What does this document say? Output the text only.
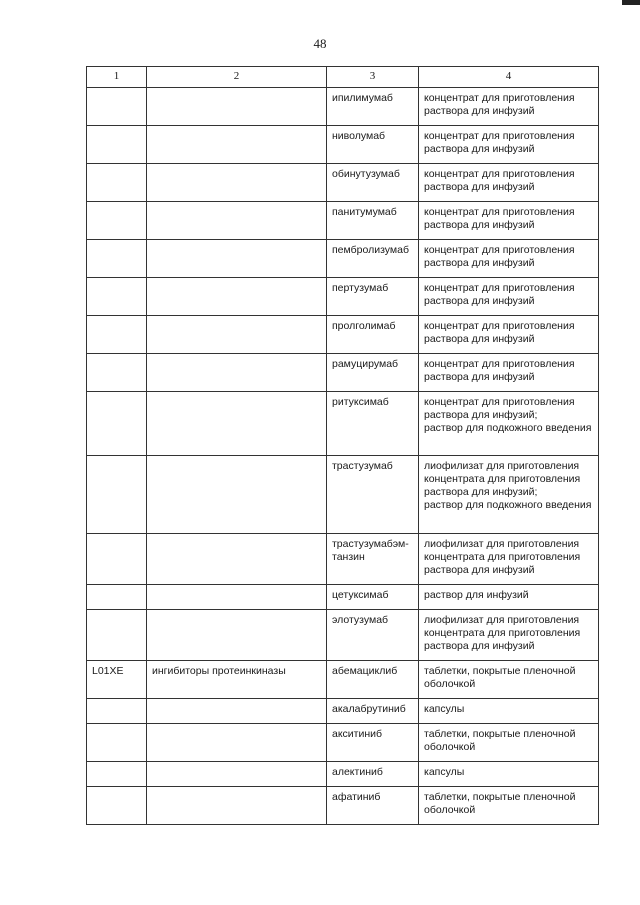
48
1	2	3	4
		ипилимумаб	концентрат для приготовления раствора для инфузий
		ниволумаб	концентрат для приготовления раствора для инфузий
		обинутузумаб	концентрат для приготовления раствора для инфузий
		панитумумаб	концентрат для приготовления раствора для инфузий
		пембролизумаб	концентрат для приготовления раствора для инфузий
		пертузумаб	концентрат для приготовления раствора для инфузий
		пролголимаб	концентрат для приготовления раствора для инфузий
		рамуцирумаб	концентрат для приготовления раствора для инфузий
		ритуксимаб	концентрат для приготовления раствора для инфузий;
раствор для подкожного введения
		трастузумаб	лиофилизат для приготовления концентрата для приготовления раствора для инфузий;
раствор для подкожного введения
		трастузумабэм-танзин	лиофилизат для приготовления концентрата для приготовления раствора для инфузий
		цетуксимаб	раствор для инфузий
		элотузумаб	лиофилизат для приготовления концентрата для приготовления раствора для инфузий
L01XE	ингибиторы протеинкиназы	абемациклиб	таблетки, покрытые пленочной оболочкой
		акалабрутиниб	капсулы
		акситиниб	таблетки, покрытые пленочной оболочкой
		алектиниб	капсулы
		афатиниб	таблетки, покрытые пленочной оболочкой
